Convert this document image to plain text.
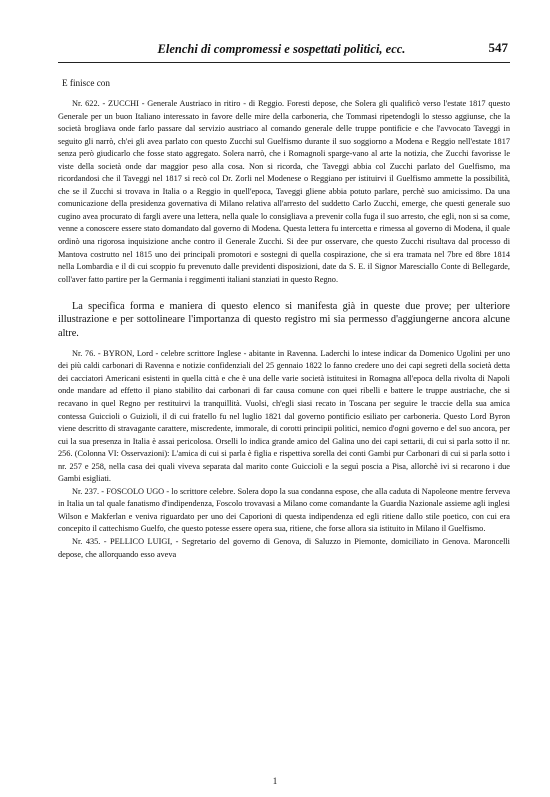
Elenchi di compromessi e sospettati politici, ecc.	547
E finisce con

Nr. 622. - ZUCCHI - Generale Austriaco in ritiro - di Reggio. Foresti depose, che Solera gli qualificò verso l'estate 1817 questo Generale per un buon Italiano interessato in favore delle mire della carboneria, che Tommasi ripetendogli lo stesso aggiunse, che la società brogliava onde farlo passare dal servizio austriaco al comando generale delle truppe pontificie e che l'avvocato Taveggi in seguito gli narrò, ch'ei gli avea parlato con questo Zucchi sul Guelfismo durante il suo soggiorno a Modena e Reggio nell'estate 1817 senza però giudicarlo che fosse stato aggregato. Solera narrò, che i Romagnoli sparge-vano al arte la notizia, che Zucchi favorisse le viste della società onde dar maggior peso alla cosa. Non si ricorda, che Taveggi abbia col Zucchi parlato del Guelfismo, ma ricordandosi che il Taveggi nel 1817 si recò col Dr. Zorli nel Modenese o Reggiano per istituirvi il Guelfismo ammette la possibilità, che se il Zucchi si trovava in Italia o a Reggio in quell'epoca, Taveggi gliene abbia potuto parlare, perchè suo amicissimo. Da una comunicazione della presidenza governativa di Milano relativa all'arresto del suddetto Carlo Zucchi, emerge, che questi generale suo cugino avea procurato di fargli avere una lettera, nella quale lo consigliava a prevenir colla fuga il suo arresto, che egli, non si sa come, venne a conoscere essere stato domandato dal governo di Modena. Questa lettera fu intercetta e rimessa al governo di Modena, il quale ordinò una rigorosa inquisizione anche contro il Generale Zucchi. Si dee pur osservare, che questo Zucchi risultava dal processo di Mantova costrutto nel 1815 uno dei principali promotori e sostegni di quella cospirazione, che si era tramata nel 7bre ed 8bre 1814 nella Lombardia e il di cui scoppio fu prevenuto dalle previdenti disposizioni, date da S. E. il Signor Maresciallo Conte di Bellegarde, coll'aver fatto partire per la Germania i reggimenti italiani stanziati in questo Regno.

La specifica forma e maniera di questo elenco si manifesta già in queste due prove; per ulteriore illustrazione e per sottolineare l'importanza di questo registro mi sia permesso d'aggiungerne ancora alcune altre.

Nr. 76. - BYRON, Lord - celebre scrittore Inglese - abitante in Ravenna. Laderchi lo intese indicar da Domenico Ugolini per uno dei più caldi carbonari di Ravenna e notizie confidenziali del 25 gennaio 1822 lo fanno credere uno dei capi segreti della società detta dei cacciatori Americani esistenti in quella città e che è una delle varie società istituitesi in Romagna all'epoca della rivolta di Napoli onde mandare ad effetto il piano stabilito dai carbonari di far causa comune con quei ribelli e battere le truppe austriache, che si recavano in quel Regno per restituirvi la tranquillità. Vuolsi, ch'egli siasi recato in Toscana per seguire le traccie della sua amica contessa Guiccioli o Guizioli, il di cui fratello fu nel luglio 1821 dal governo pontificio esiliato per carboneria. Questo Lord Byron viene descritto di stravagante carattere, miscredente, immorale, di corotti principii politici, nemico d'ogni governo e del suo ancora, per cui la sua presenza in Italia è assai pericolosa. Orselli lo indica grande amico del Galina uno dei capi settarii, di cui si parla sotto il nr. 256. (Colonna VI: Osservazioni): L'amica di cui si parla è figlia e rispettiva sorella dei conti Gambi pur Carbonari di cui si parla sotto i nr. 257 e 258, nella casa dei quali viveva separata dal marito conte Guiccioli e la seguì poscia a Pisa, allorchè ivi si recarono i due Gambi esigliati.

Nr. 237. - FOSCOLO UGO - lo scrittore celebre. Solera dopo la sua condanna espose, che alla caduta di Napoleone mentre ferveva in Italia un tal quale fanatismo d'indipendenza, Foscolo trovavasi a Milano come comandante la Guardia Nazionale assieme agli inglesi Wilson e Makferlan e veniva riguardato per uno dei Caporioni di questa indipendenza ed egli ritiene dallo stile poetico, con cui era concepito il cattechismo Guelfo, che questo potesse essere opera sua, ritiene, che forse allora sia istituito in Milano il Guelfismo.

Nr. 435. - PELLICO LUIGI, - Segretario del governo di Genova, di Saluzzo in Piemonte, domiciliato in Genova. Maroncelli depose, che allorquando esso aveva

1
